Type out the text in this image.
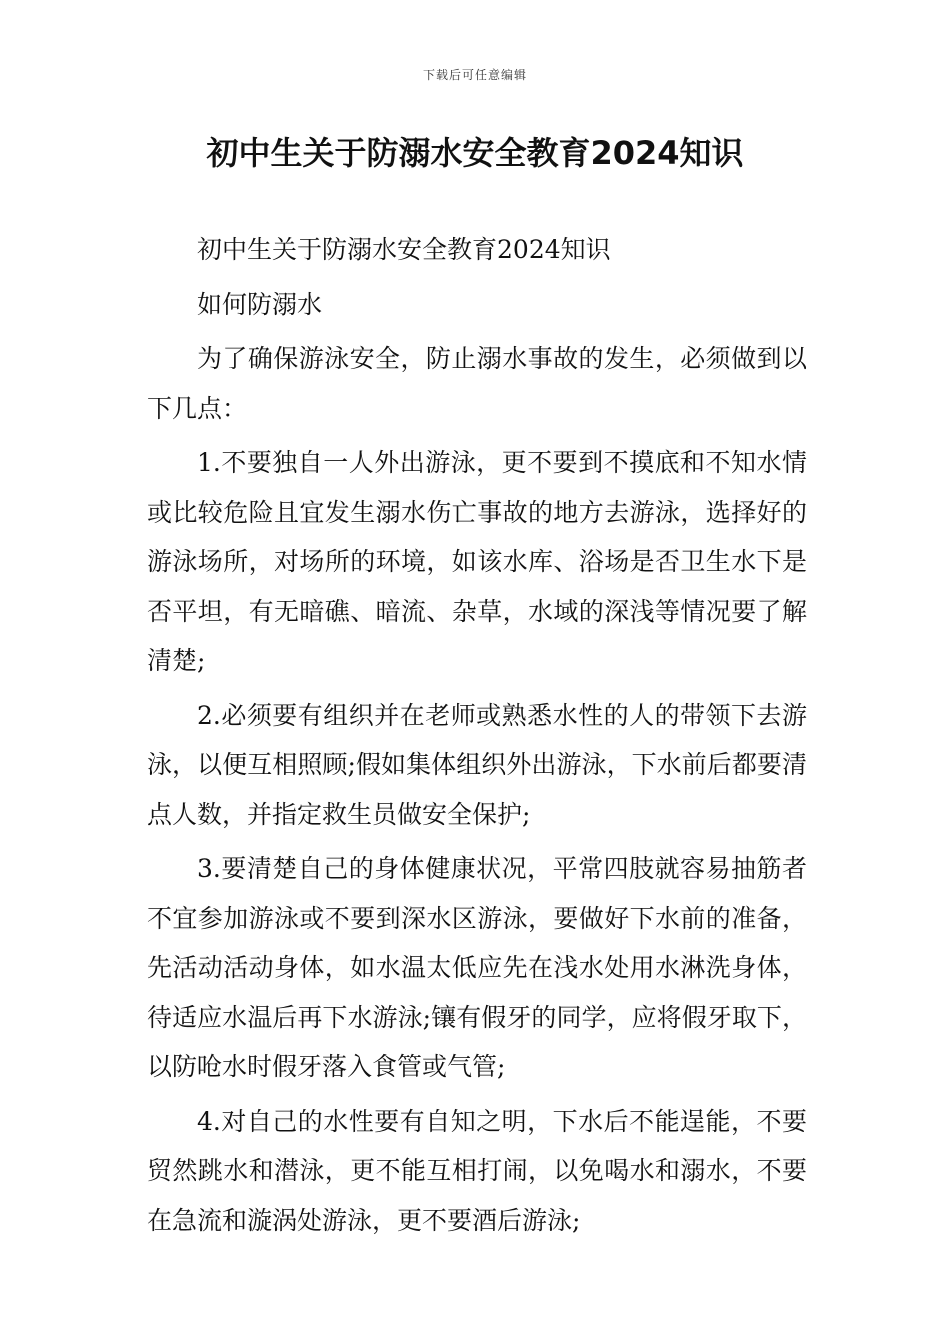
下载后可任意编辑
初中生关于防溺水安全教育2024知识

初中生关于防溺水安全教育2024知识

如何防溺水

为了确保游泳安全，防止溺水事故的发生，必须做到以下几点：

1.不要独自一人外出游泳，更不要到不摸底和不知水情或比较危险且宜发生溺水伤亡事故的地方去游泳，选择好的游泳场所，对场所的环境，如该水库、浴场是否卫生水下是否平坦，有无暗礁、暗流、杂草，水域的深浅等情况要了解清楚;

2.必须要有组织并在老师或熟悉水性的人的带领下去游泳，以便互相照顾;假如集体组织外出游泳，下水前后都要清点人数，并指定救生员做安全保护;

3.要清楚自己的身体健康状况，平常四肢就容易抽筋者不宜参加游泳或不要到深水区游泳，要做好下水前的准备，先活动活动身体，如水温太低应先在浅水处用水淋洗身体，待适应水温后再下水游泳;镶有假牙的同学，应将假牙取下，以防呛水时假牙落入食管或气管;

4.对自己的水性要有自知之明，下水后不能逞能，不要贸然跳水和潜泳，更不能互相打闹，以免喝水和溺水，不要在急流和漩涡处游泳，更不要酒后游泳;
